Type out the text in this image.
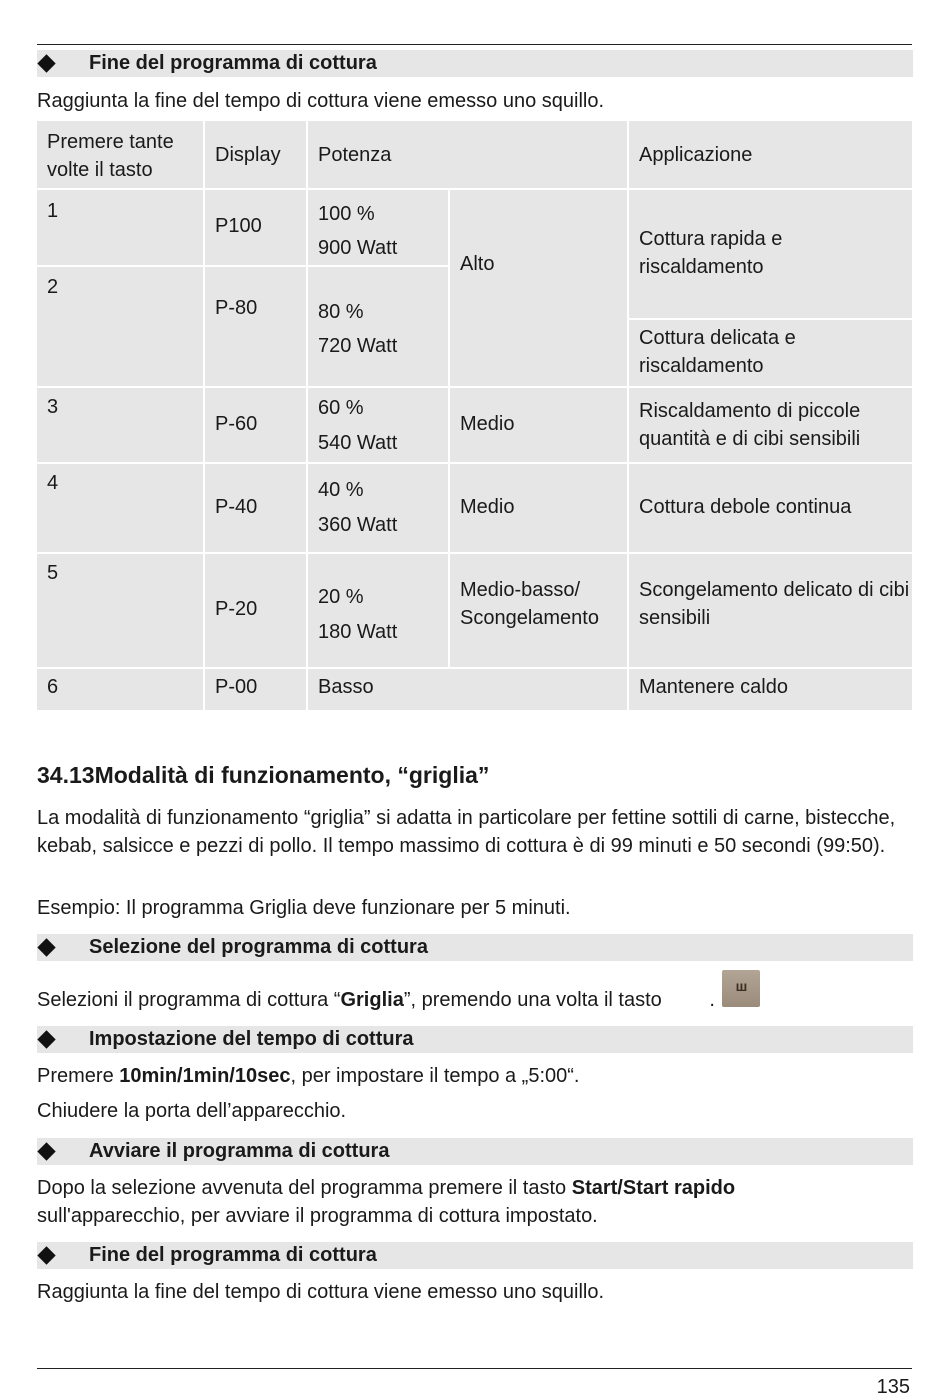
Fine del programma di cottura

Raggiunta la fine del tempo di cottura viene emesso uno squillo.

Premere tante volte il tasto
Display	Potenza	Applicazione
1
2
3
4
5
6
P100
P-80
P-60
P-40
P-20
P-00
100 %
900 Watt
80 %
720 Watt
60 %
540 Watt
40 %
360 Watt
20 %
180 Watt
Basso
Alto
Medio
Medio
Medio-basso/ Scongelamento
Cottura rapida e riscaldamento
Cottura delicata e riscaldamento
Riscaldamento di piccole quantità e di cibi sensibili
Cottura debole continua
Scongelamento delicato di cibi sensibili
Mantenere caldo
34.13Modalità di funzionamento, “griglia”

La modalità di funzionamento “griglia” si adatta in particolare per fettine sottili di carne, bistecche, kebab, salsicce e pezzi di pollo. Il tempo massimo di cottura è di 99 minuti e 50 secondi (99:50).

Esempio: Il programma Griglia deve funzionare per 5 minuti.

Selezione del programma di cottura

Selezioni il programma di cottura “Griglia”, premendo una volta il tasto .

ш
Impostazione del tempo di cottura

Premere 10min/1min/10sec, per impostare il tempo a „5:00“.

Chiudere la porta dell’apparecchio.

Avviare il programma di cottura

Dopo la selezione avvenuta del programma premere il tasto Start/Start rapido
sull'apparecchio, per avviare il programma di cottura impostato.

Fine del programma di cottura

Raggiunta la fine del tempo di cottura viene emesso uno squillo.

135
